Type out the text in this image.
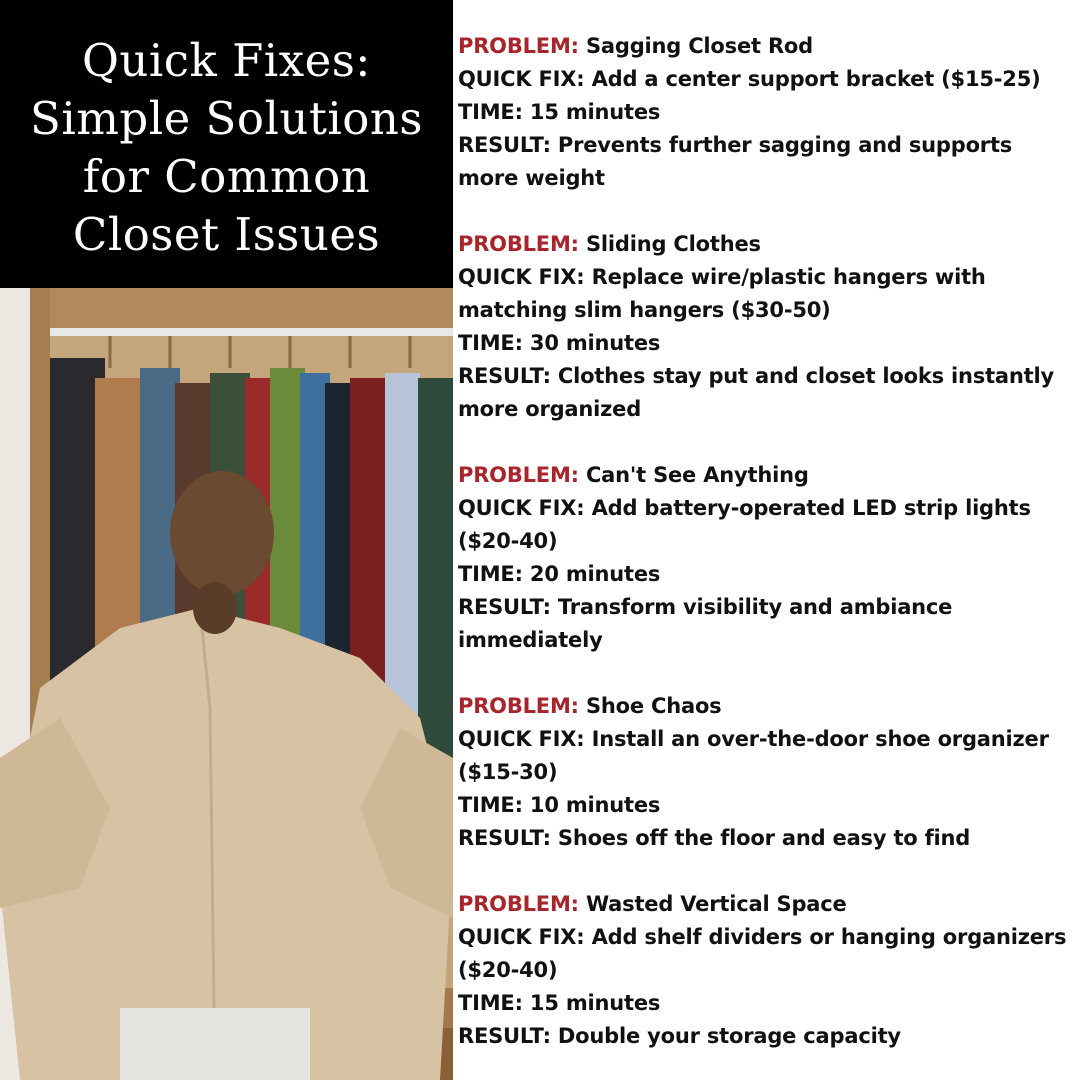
Quick Fixes:
Simple Solutions
for Common
Closet Issues
PROBLEM: Sagging Closet Rod
QUICK FIX: Add a center support bracket ($15-25)
TIME: 15 minutes
RESULT: Prevents further sagging and supports more weight
PROBLEM: Sliding Clothes
QUICK FIX: Replace wire/plastic hangers with matching slim hangers ($30-50)
TIME: 30 minutes
RESULT: Clothes stay put and closet looks instantly more organized
PROBLEM: Can't See Anything
QUICK FIX: Add battery-operated LED strip lights ($20-40)
TIME: 20 minutes
RESULT: Transform visibility and ambiance immediately
PROBLEM: Shoe Chaos
QUICK FIX: Install an over-the-door shoe organizer ($15-30)
TIME: 10 minutes
RESULT: Shoes off the floor and easy to find
PROBLEM: Wasted Vertical Space
QUICK FIX: Add shelf dividers or hanging organizers ($20-40)
TIME: 15 minutes
RESULT: Double your storage capacity
